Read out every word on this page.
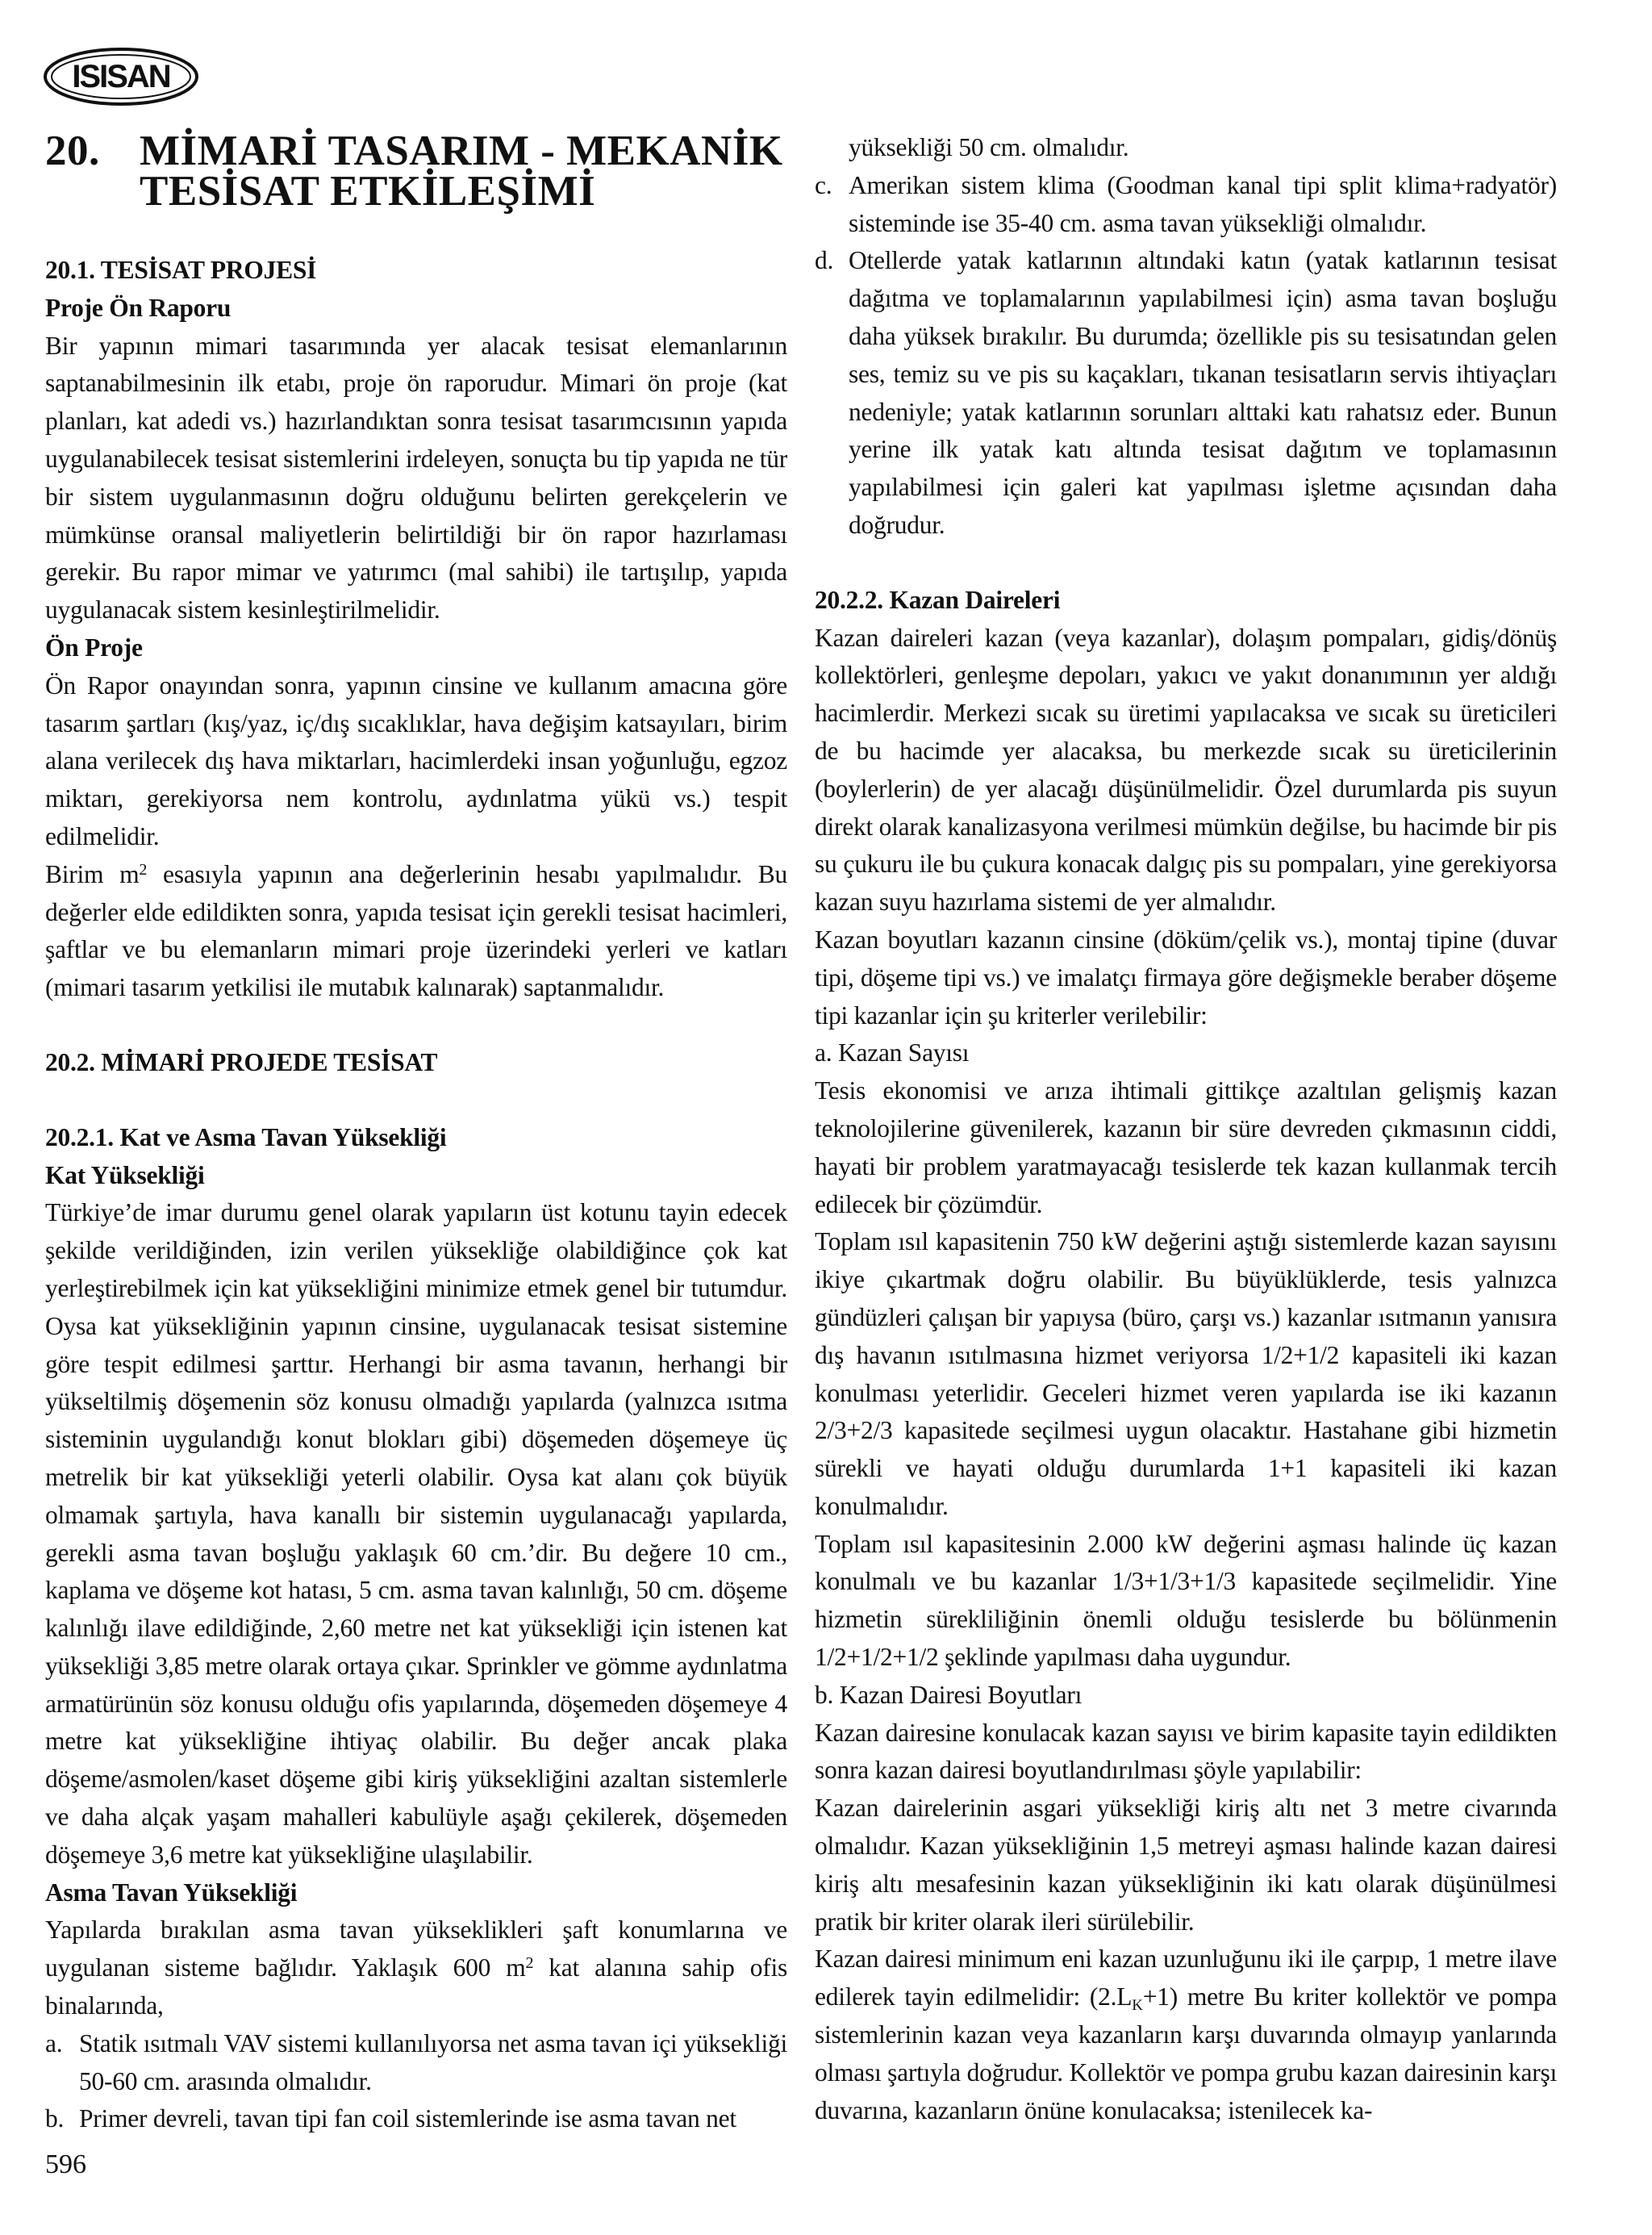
ISISAN
20. MİMARİ TASARIM - MEKANİK
TESİSAT ETKİLEŞİMİ

20.1. TESİSAT PROJESİ

Proje Ön Raporu

Bir yapının mimari tasarımında yer alacak tesisat elemanlarının saptanabilmesinin ilk etabı, proje ön raporudur. Mimari ön proje (kat planları, kat adedi vs.) hazırlandıktan sonra tesisat tasarımcısının yapıda uygulanabilecek tesisat sistemlerini irdeleyen, sonuçta bu tip yapıda ne tür bir sistem uygulanmasının doğru olduğunu belirten gerekçelerin ve mümkünse oransal maliyetlerin belirtildiği bir ön rapor hazırlaması gerekir. Bu rapor mimar ve yatırımcı (mal sahibi) ile tartışılıp, yapıda uygulanacak sistem kesinleştirilmelidir.

Ön Proje

Ön Rapor onayından sonra, yapının cinsine ve kullanım amacına göre tasarım şartları (kış/yaz, iç/dış sıcaklıklar, hava değişim katsayıları, birim alana verilecek dış hava miktarları, hacimlerdeki insan yoğunluğu, egzoz miktarı, gerekiyorsa nem kontrolu, aydınlatma yükü vs.) tespit edilmelidir.

Birim $m^2$ esasıyla yapının ana değerlerinin hesabı yapılmalıdır. Bu değerler elde edildikten sonra, yapıda tesisat için gerekli tesisat hacimleri, şaftlar ve bu elemanların mimari proje üzerindeki yerleri ve katları (mimari tasarım yetkilisi ile mutabık kalınarak) saptanmalıdır.

20.2. MİMARİ PROJEDE TESİSAT

20.2.1. Kat ve Asma Tavan Yüksekliği

Kat Yüksekliği

Türkiye’de imar durumu genel olarak yapıların üst kotunu tayin edecek şekilde verildiğinden, izin verilen yüksekliğe olabildiğince çok kat yerleştirebilmek için kat yüksekliğini minimize etmek genel bir tutumdur. Oysa kat yüksekliğinin yapının cinsine, uygulanacak tesisat sistemine göre tespit edilmesi şarttır. Herhangi bir asma tavanın, herhangi bir yükseltilmiş döşemenin söz konusu olmadığı yapılarda (yalnızca ısıtma sisteminin uygulandığı konut blokları gibi) döşemeden döşemeye üç metrelik bir kat yüksekliği yeterli olabilir. Oysa kat alanı çok büyük olmamak şartıyla, hava kanallı bir sistemin uygulanacağı yapılarda, gerekli asma tavan boşluğu yaklaşık 60 cm.’dir. Bu değere 10 cm., kaplama ve döşeme kot hatası, 5 cm. asma tavan kalınlığı, 50 cm. döşeme kalınlığı ilave edildiğinde, 2,60 metre net kat yüksekliği için istenen kat yüksekliği 3,85 metre olarak ortaya çıkar. Sprinkler ve gömme aydınlatma armatürünün söz konusu olduğu ofis yapılarında, döşemeden döşemeye 4 metre kat yüksekliğine ihtiyaç olabilir. Bu değer ancak plaka döşeme/asmolen/kaset döşeme gibi kiriş yüksekliğini azaltan sistemlerle ve daha alçak yaşam mahalleri kabulüyle aşağı çekilerek, döşemeden döşemeye 3,6 metre kat yüksekliğine ulaşılabilir.

Asma Tavan Yüksekliği

Yapılarda bırakılan asma tavan yükseklikleri şaft konumlarına ve uygulanan sisteme bağlıdır. Yaklaşık 600 $m^2$ kat alanına sahip ofis binalarında,

a. Statik ısıtmalı VAV sistemi kullanılıyorsa net asma tavan içi yüksekliği 50-60 cm. arasında olmalıdır.
b. Primer devreli, tavan tipi fan coil sistemlerinde ise asma tavan net

yüksekliği 50 cm. olmalıdır.

c. Amerikan sistem klima (Goodman kanal tipi split klima+radyatör) sisteminde ise 35-40 cm. asma tavan yüksekliği olmalıdır.
d. Otellerde yatak katlarının altındaki katın (yatak katlarının tesisat dağıtma ve toplamalarının yapılabilmesi için) asma tavan boşluğu daha yüksek bırakılır. Bu durumda; özellikle pis su tesisatından gelen ses, temiz su ve pis su kaçakları, tıkanan tesisatların servis ihtiyaçları nedeniyle; yatak katlarının sorunları alttaki katı rahatsız eder. Bunun yerine ilk yatak katı altında tesisat dağıtım ve toplamasının yapılabilmesi için galeri kat yapılması işletme açısından daha doğrudur.

20.2.2. Kazan Daireleri

Kazan daireleri kazan (veya kazanlar), dolaşım pompaları, gidiş/dönüş kollektörleri, genleşme depoları, yakıcı ve yakıt donanımının yer aldığı hacimlerdir. Merkezi sıcak su üretimi yapılacaksa ve sıcak su üreticileri de bu hacimde yer alacaksa, bu merkezde sıcak su üreticilerinin (boylerlerin) de yer alacağı düşünülmelidir. Özel durumlarda pis suyun direkt olarak kanalizasyona verilmesi mümkün değilse, bu hacimde bir pis su çukuru ile bu çukura konacak dalgıç pis su pompaları, yine gerekiyorsa kazan suyu hazırlama sistemi de yer almalıdır.

Kazan boyutları kazanın cinsine (döküm/çelik vs.), montaj tipine (duvar tipi, döşeme tipi vs.) ve imalatçı firmaya göre değişmekle beraber döşeme tipi kazanlar için şu kriterler verilebilir:

a. Kazan Sayısı

Tesis ekonomisi ve arıza ihtimali gittikçe azaltılan gelişmiş kazan teknolojilerine güvenilerek, kazanın bir süre devreden çıkmasının ciddi, hayati bir problem yaratmayacağı tesislerde tek kazan kullanmak tercih edilecek bir çözümdür.

Toplam ısıl kapasitenin 750 kW değerini aştığı sistemlerde kazan sayısını ikiye çıkartmak doğru olabilir. Bu büyüklüklerde, tesis yalnızca gündüzleri çalışan bir yapıysa (büro, çarşı vs.) kazanlar ısıtmanın yanısıra dış havanın ısıtılmasına hizmet veriyorsa 1/2+1/2 kapasiteli iki kazan konulması yeterlidir. Geceleri hizmet veren yapılarda ise iki kazanın 2/3+2/3 kapasitede seçilmesi uygun olacaktır. Hastahane gibi hizmetin sürekli ve hayati olduğu durumlarda 1+1 kapasiteli iki kazan konulmalıdır.

Toplam ısıl kapasitesinin 2.000 kW değerini aşması halinde üç kazan konulmalı ve bu kazanlar 1/3+1/3+1/3 kapasitede seçilmelidir. Yine hizmetin sürekliliğinin önemli olduğu tesislerde bu bölünmenin 1/2+1/2+1/2 şeklinde yapılması daha uygundur.

b. Kazan Dairesi Boyutları

Kazan dairesine konulacak kazan sayısı ve birim kapasite tayin edildikten sonra kazan dairesi boyutlandırılması şöyle yapılabilir:

Kazan dairelerinin asgari yüksekliği kiriş altı net 3 metre civarında olmalıdır. Kazan yüksekliğinin 1,5 metreyi aşması halinde kazan dairesi kiriş altı mesafesinin kazan yüksekliğinin iki katı olarak düşünülmesi pratik bir kriter olarak ileri sürülebilir.

Kazan dairesi minimum eni kazan uzunluğunu iki ile çarpıp, 1 metre ilave edilerek tayin edilmelidir: $(2.L_K+1)$ metre Bu kriter kollektör ve pompa sistemlerinin kazan veya kazanların karşı duvarında olmayıp yanlarında olması şartıyla doğrudur. Kollektör ve pompa grubu kazan dairesinin karşı duvarına, kazanların önüne konulacaksa; istenilecek ka-

596
